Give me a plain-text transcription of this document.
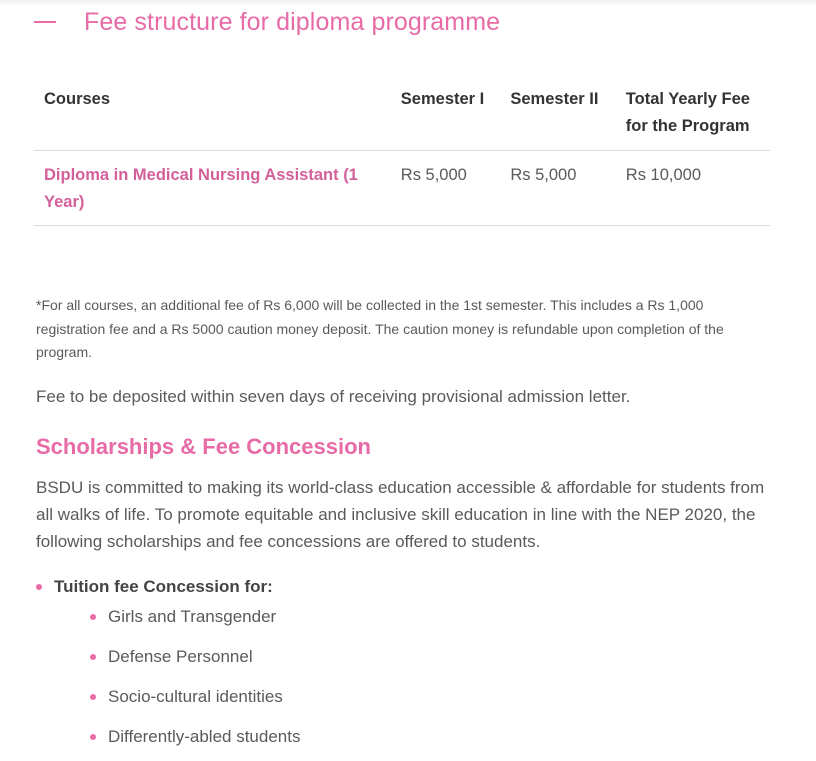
Fee structure for diploma programme
Courses	Semester I	Semester II	Total Yearly Fee for the Program
Diploma in Medical Nursing Assistant (1 Year)	Rs 5,000	Rs 5,000	Rs 10,000

*For all courses, an additional fee of Rs 6,000 will be collected in the 1st semester. This includes a Rs 1,000 registration fee and a Rs 5000 caution money deposit. The caution money is refundable upon completion of the program.

Fee to be deposited within seven days of receiving provisional admission letter.

Scholarships & Fee Concession

BSDU is committed to making its world-class education accessible & affordable for students from all walks of life. To promote equitable and inclusive skill education in line with the NEP 2020, the following scholarships and fee concessions are offered to students.

Tuition fee Concession for:
Girls and Transgender
Defense Personnel
Socio-cultural identities
Differently-abled students
